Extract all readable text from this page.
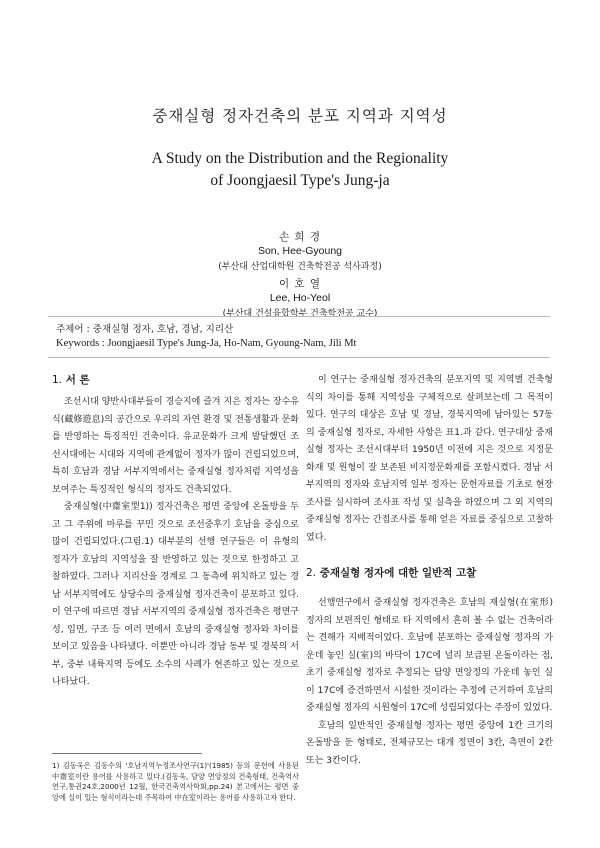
중재실형 정자건축의 분포 지역과 지역성
A Study on the Distribution and the Regionality
of Joongjaesil Type's Jung-ja
손 희 경
Son, Hee-Gyoung
(부산대 산업대학원 건축학전공 석사과정)
이 호 열
Lee, Ho-Yeol
(부산대 건설융합학부 건축학전공 교수)
주제어 : 중재실형 정자, 호남, 경남, 지리산
Keywords : Joongjaesil Type's Jung-Ja, Ho-Nam, Gyoung-Nam, Jili Mt
1. 서 론

조선시대 양반사대부들이 경승지에 즐겨 지은 정자는 장수유식(藏修遊息)의 공간으로 우리의 자연 환경 및 전통생활과 문화를 반영하는 특징적인 건축이다. 유교문화가 크게 발달했던 조선시대에는 시대와 지역에 관계없이 정자가 많이 건립되었으며, 특히 호남과 경남 서부지역에서는 중재실형 정자처럼 지역성을 보여주는 특징적인 형식의 정자도 건축되었다.

중재실형(中齋室型1)) 정자건축은 평면 중앙에 온돌방을 두고 그 주위에 마루를 꾸민 것으로 조선중후기 호남을 중심으로 많이 건립되었다.(그림.1) 대부분의 선행 연구들은 이 유형의 정자가 호남의 지역성을 잘 반영하고 있는 것으로 한정하고 고찰하였다. 그러나 지리산을 경계로 그 동측에 위치하고 있는 경남 서부지역에도 상당수의 중재실형 정자건축이 분포하고 있다. 이 연구에 따르면 경남 서부지역의 중재실형 정자건축은 평면구성, 입면, 구조 등 여러 면에서 호남의 중재실형 정자와 차이를 보이고 있음을 나타냈다. 이뿐만 아니라 경남 동부 및 경북의 서부, 중부 내륙지역 등에도 소수의 사례가 현존하고 있는 것으로 나타났다.

1) 김동욱은 김동수의 '호남지역누정조사연구(1)'(1985) 등의 문헌에 사용된 中齋室이란 용어를 사용하고 있다.(김동욱, 담양 면앙정의 건축형태, 건축역사연구,통권24호,2000년 12월, 한국건축역사학회,pp.24) 본고에서는 평면 중앙에 실이 있는 형식이라는데 주목하여 中在室이라는 용어를 사용하고자 한다.

이 연구는 중재실형 정자건축의 분포지역 및 지역별 건축형식의 차이를 통해 지역성을 구체적으로 살펴보는데 그 목적이 있다. 연구의 대상은 호남 및 경남, 경북지역에 남아있는 57동의 중재실형 정자로, 자세한 사항은 표1.과 같다. 연구대상 중재실형 정자는 조선시대부터 1950년 이전에 지은 것으로 지정문화재 및 원형이 잘 보존된 비지정문화재를 포함시켰다. 경남 서부지역의 정자와 호남지역 일부 정자는 문헌자료를 기초로 현장조사를 실시하여 조사표 작성 및 실측을 하였으며 그 외 지역의 중재실형 정자는 간접조사를 통해 얻은 자료를 중심으로 고찰하였다.

2. 중재실형 정자에 대한 일반적 고찰

선행연구에서 중재실형 정자건축은 호남의 재실형(在室形) 정자의 보편적인 형태로 타 지역에서 흔히 볼 수 없는 건축이라는 견해가 지배적이었다. 호남에 분포하는 중재실형 정자의 가운데 놓인 실(室)의 바닥이 17C에 널리 보급된 온돌이라는 점, 초기 중재실형 정자로 추정되는 담양 면앙정의 가운데 놓인 실이 17C에 증건하면서 시설한 것이라는 추정에 근거하여 호남의 중재실형 정자의 시원형이 17C에 성립되었다는 주장이 있었다.

호남의 일반적인 중재실형 정자는 평면 중앙에 1칸 크기의 온돌방을 둔 형태로, 전체규모는 대개 정면이 3칸, 측면이 2칸 또는 3칸이다.
